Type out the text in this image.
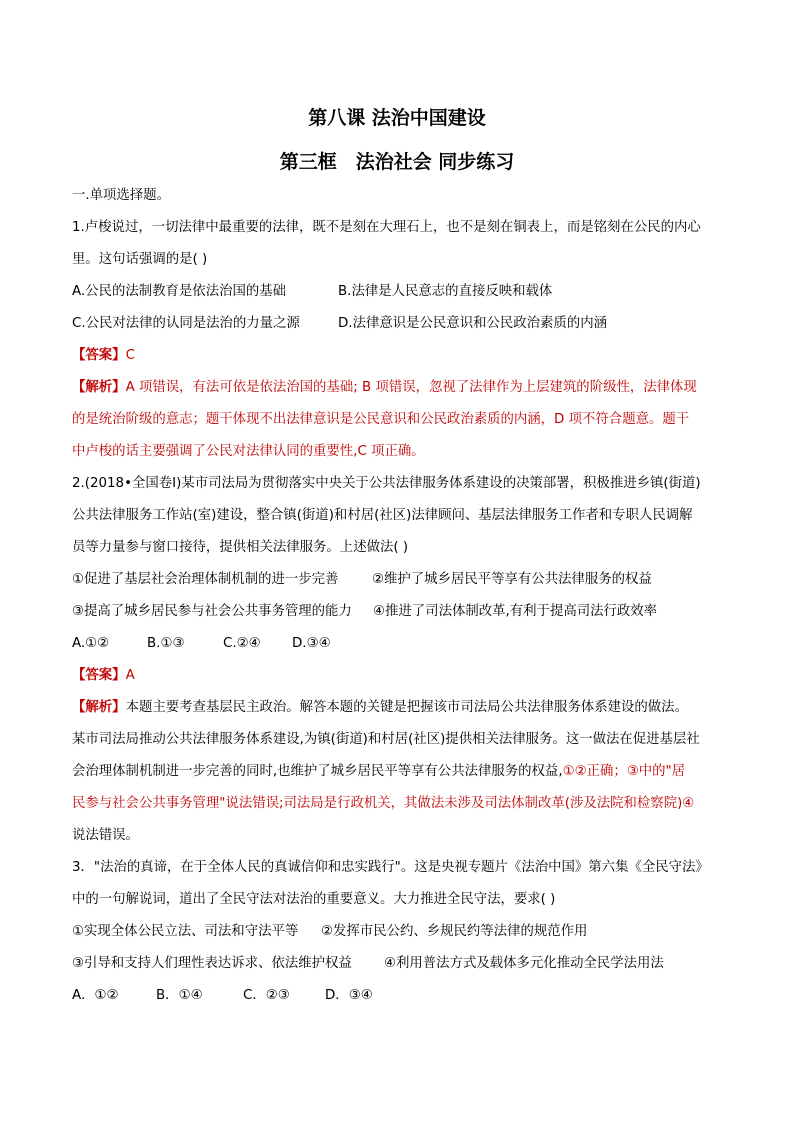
第八课 法治中国建设
第三框　法治社会 同步练习
一.单项选择题。
1.卢梭说过，一切法律中最重要的法律，既不是刻在大理石上，也不是刻在铜表上，而是铭刻在公民的内心
里。这句话强调的是( )
A.公民的法制教育是依法治国的基础	B.法律是人民意志的直接反映和载体
C.公民对法律的认同是法治的力量之源	D.法律意识是公民意识和公民政治素质的内涵
【答案】C
【解析】A 项错误，有法可依是依法治国的基础; B 项错误，忽视了法律作为上层建筑的阶级性，法律体现
的是统治阶级的意志；题干体现不出法律意识是公民意识和公民政治素质的内涵，D 项不符合题意。题干
中卢梭的话主要强调了公民对法律认同的重要性,C 项正确。
2.(2018•全国卷Ⅰ)某市司法局为贯彻落实中央关于公共法律服务体系建设的决策部署，积极推进乡镇(街道)
公共法律服务工作站(室)建设，整合镇(街道)和村居(社区)法律顾问、基层法律服务工作者和专职人民调解
员等力量参与窗口接待，提供相关法律服务。上述做法( )
①促进了基层社会治理体制机制的进一步完善	②维护了城乡居民平等享有公共法律服务的权益
③提高了城乡居民参与社会公共事务管理的能力 ④推进了司法体制改革,有利于提高司法行政效率
A.①②	B.①③	C.②④ D.③④
【答案】A
【解析】本题主要考查基层民主政治。解答本题的关键是把握该市司法局公共法律服务体系建设的做法。
某市司法局推动公共法律服务体系建设,为镇(街道)和村居(社区)提供相关法律服务。这一做法在促进基层社
会治理体制机制进一步完善的同时,也维护了城乡居民平等享有公共法律服务的权益,①②正确；③中的"居
民参与社会公共事务管理"说法错误;司法局是行政机关，其做法未涉及司法体制改革(涉及法院和检察院)④
说法错误。
3．"法治的真谛，在于全体人民的真诚信仰和忠实践行"。这是央视专题片《法治中国》第六集《全民守法》
中的一句解说词，道出了全民守法对法治的重要意义。大力推进全民守法，要求( )
①实现全体公民立法、司法和守法平等 ②发挥市民公约、乡规民约等法律的规范作用
③引导和支持人们理性表达诉求、依法维护权益 ④利用普法方式及载体多元化推动全民学法用法
A．①②	B．①④	C．②③	D．③④
